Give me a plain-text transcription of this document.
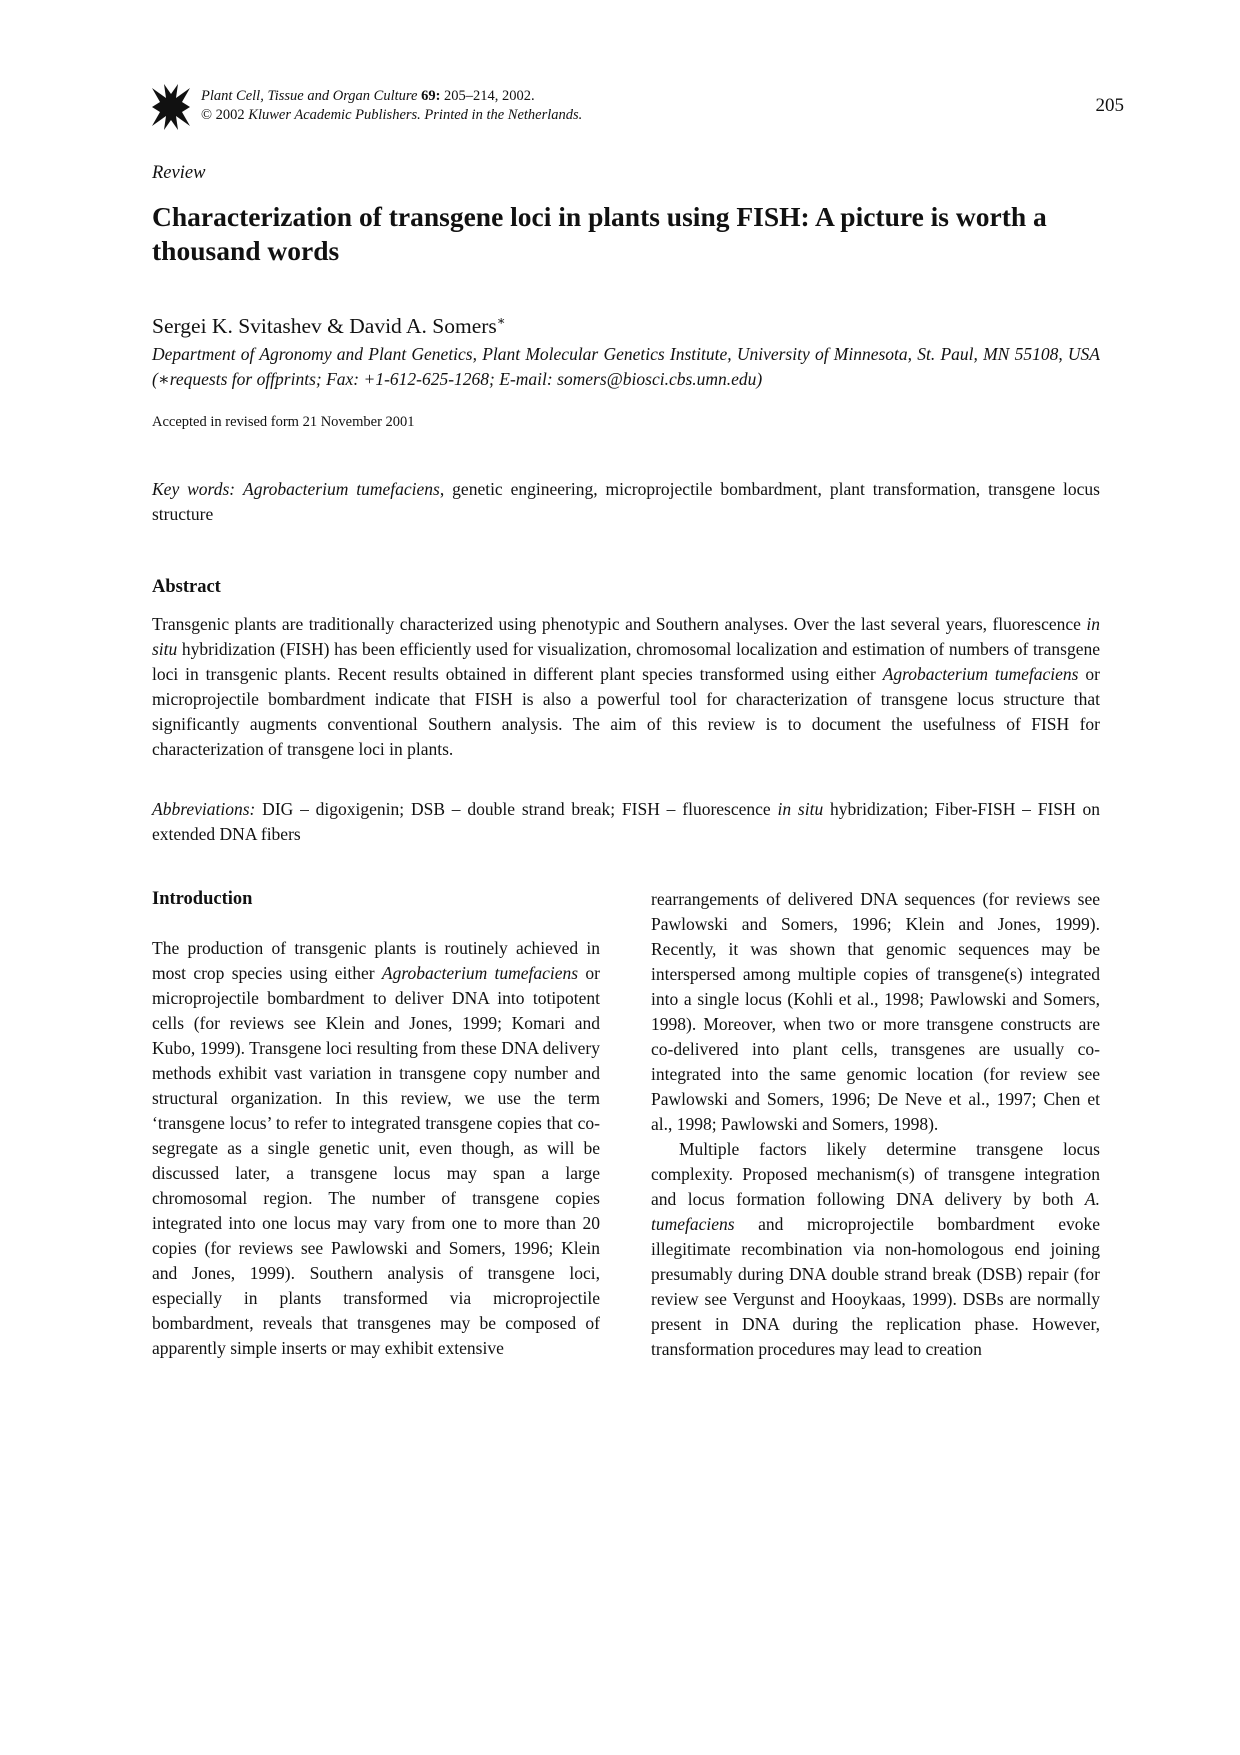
Plant Cell, Tissue and Organ Culture 69: 205–214, 2002.
© 2002 Kluwer Academic Publishers. Printed in the Netherlands.	205
Review
Characterization of transgene loci in plants using FISH: A picture is worth a thousand words
Sergei K. Svitashev & David A. Somers∗
Department of Agronomy and Plant Genetics, Plant Molecular Genetics Institute, University of Minnesota, St. Paul, MN 55108, USA (∗requests for offprints; Fax: +1-612-625-1268; E-mail: somers@biosci.cbs.umn.edu)
Accepted in revised form 21 November 2001
Key words: Agrobacterium tumefaciens, genetic engineering, microprojectile bombardment, plant transformation, transgene locus structure
Abstract

Transgenic plants are traditionally characterized using phenotypic and Southern analyses. Over the last several years, fluorescence in situ hybridization (FISH) has been efficiently used for visualization, chromosomal localization and estimation of numbers of transgene loci in transgenic plants. Recent results obtained in different plant species transformed using either Agrobacterium tumefaciens or microprojectile bombardment indicate that FISH is also a powerful tool for characterization of transgene locus structure that significantly augments conventional Southern analysis. The aim of this review is to document the usefulness of FISH for characterization of transgene loci in plants.

Abbreviations: DIG – digoxigenin; DSB – double strand break; FISH – fluorescence in situ hybridization; Fiber-FISH – FISH on extended DNA fibers

Introduction

The production of transgenic plants is routinely achieved in most crop species using either Agrobacterium tumefaciens or microprojectile bombardment to deliver DNA into totipotent cells (for reviews see Klein and Jones, 1999; Komari and Kubo, 1999). Transgene loci resulting from these DNA delivery methods exhibit vast variation in transgene copy number and structural organization. In this review, we use the term ‘transgene locus’ to refer to integrated transgene copies that co-segregate as a single genetic unit, even though, as will be discussed later, a transgene locus may span a large chromosomal region. The number of transgene copies integrated into one locus may vary from one to more than 20 copies (for reviews see Pawlowski and Somers, 1996; Klein and Jones, 1999). Southern analysis of transgene loci, especially in plants transformed via microprojectile bombardment, reveals that transgenes may be composed of apparently simple inserts or may exhibit extensive

rearrangements of delivered DNA sequences (for reviews see Pawlowski and Somers, 1996; Klein and Jones, 1999). Recently, it was shown that genomic sequences may be interspersed among multiple copies of transgene(s) integrated into a single locus (Kohli et al., 1998; Pawlowski and Somers, 1998). Moreover, when two or more transgene constructs are co-delivered into plant cells, transgenes are usually co-integrated into the same genomic location (for review see Pawlowski and Somers, 1996; De Neve et al., 1997; Chen et al., 1998; Pawlowski and Somers, 1998).

Multiple factors likely determine transgene locus complexity. Proposed mechanism(s) of transgene integration and locus formation following DNA delivery by both A. tumefaciens and microprojectile bombardment evoke illegitimate recombination via non-homologous end joining presumably during DNA double strand break (DSB) repair (for review see Vergunst and Hooykaas, 1999). DSBs are normally present in DNA during the replication phase. However, transformation procedures may lead to creation
